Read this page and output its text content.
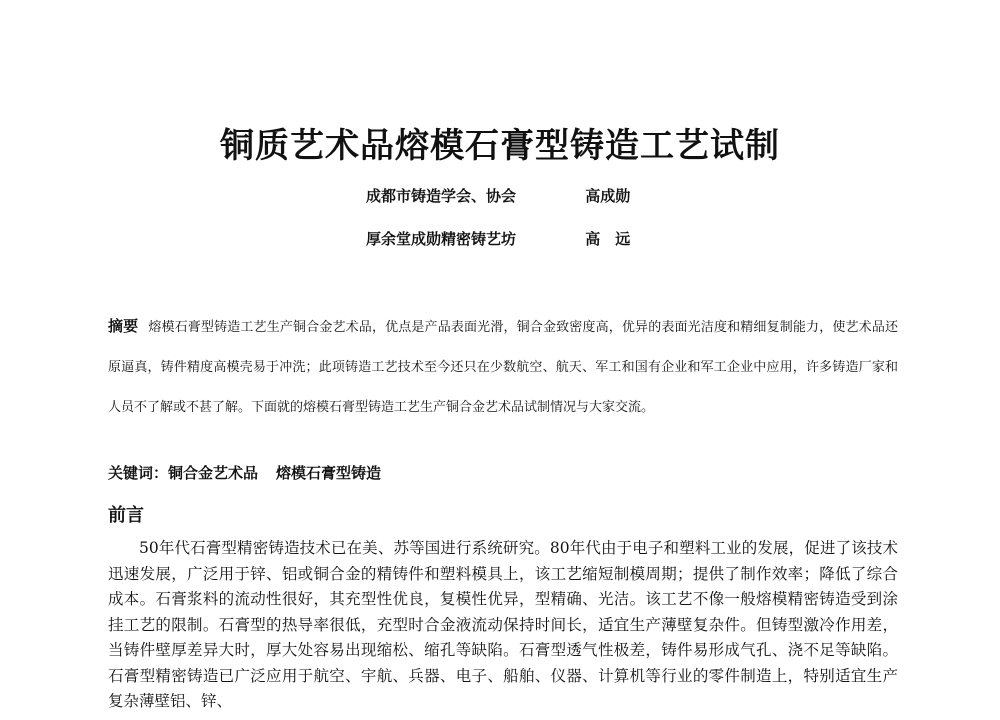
铜质艺术品熔模石膏型铸造工艺试制
成都市铸造学会、协会	高成勋
厚余堂成勋精密铸艺坊	高　远
摘要 熔模石膏型铸造工艺生产铜合金艺术品，优点是产品表面光滑，铜合金致密度高，优异的表面光洁度和精细复制能力，使艺术品还原逼真，铸件精度高模壳易于冲洗；此项铸造工艺技术至今还只在少数航空、航天、军工和国有企业和军工企业中应用，许多铸造厂家和人员不了解或不甚了解。下面就的熔模石膏型铸造工艺生产铜合金艺术品试制情况与大家交流。
关键词：铜合金艺术品 熔模石膏型铸造
前言
50年代石膏型精密铸造技术已在美、苏等国进行系统研究。80年代由于电子和塑料工业的发展，促进了该技术迅速发展，广泛用于锌、铝或铜合金的精铸件和塑料模具上，该工艺缩短制模周期；提供了制作效率；降低了综合成本。石膏浆料的流动性很好，其充型性优良，复模性优异，型精确、光洁。该工艺不像一般熔模精密铸造受到涂挂工艺的限制。石膏型的热导率很低，充型时合金液流动保持时间长，适宜生产薄壁复杂件。但铸型激冷作用差，当铸件壁厚差异大时，厚大处容易出现缩松、缩孔等缺陷。石膏型透气性极差，铸件易形成气孔、浇不足等缺陷。石膏型精密铸造已广泛应用于航空、宇航、兵器、电子、船舶、仪器、计算机等行业的零件制造上，特别适宜生产复杂薄壁铝、锌、
